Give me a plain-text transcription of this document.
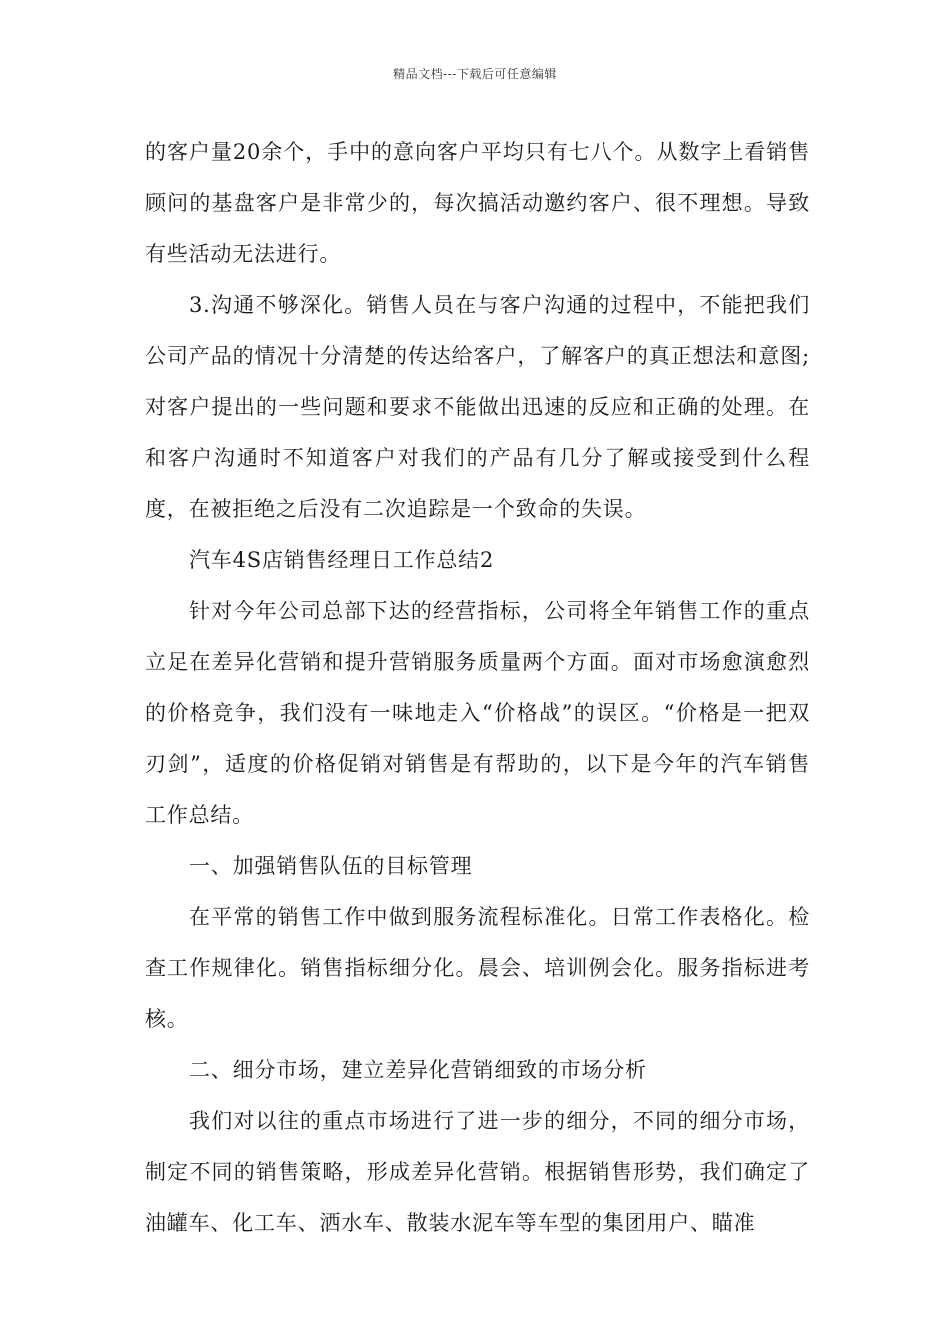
精品文档---下载后可任意编辑

的客户量20余个，手中的意向客户平均只有七八个。从数字上看销售顾问的基盘客户是非常少的，每次搞活动邀约客户、很不理想。导致有些活动无法进行。

3.沟通不够深化。销售人员在与客户沟通的过程中，不能把我们公司产品的情况十分清楚的传达给客户，了解客户的真正想法和意图;对客户提出的一些问题和要求不能做出迅速的反应和正确的处理。在和客户沟通时不知道客户对我们的产品有几分了解或接受到什么程度，在被拒绝之后没有二次追踪是一个致命的失误。

汽车4S店销售经理日工作总结2

针对今年公司总部下达的经营指标，公司将全年销售工作的重点立足在差异化营销和提升营销服务质量两个方面。面对市场愈演愈烈的价格竞争，我们没有一味地走入“价格战”的误区。“价格是一把双刃剑”，适度的价格促销对销售是有帮助的，以下是今年的汽车销售工作总结。

一、加强销售队伍的目标管理

在平常的销售工作中做到服务流程标准化。日常工作表格化。检查工作规律化。销售指标细分化。晨会、培训例会化。服务指标进考核。

二、细分市场，建立差异化营销细致的市场分析

我们对以往的重点市场进行了进一步的细分，不同的细分市场，制定不同的销售策略，形成差异化营销。根据销售形势，我们确定了油罐车、化工车、洒水车、散装水泥车等车型的集团用户、瞄准
